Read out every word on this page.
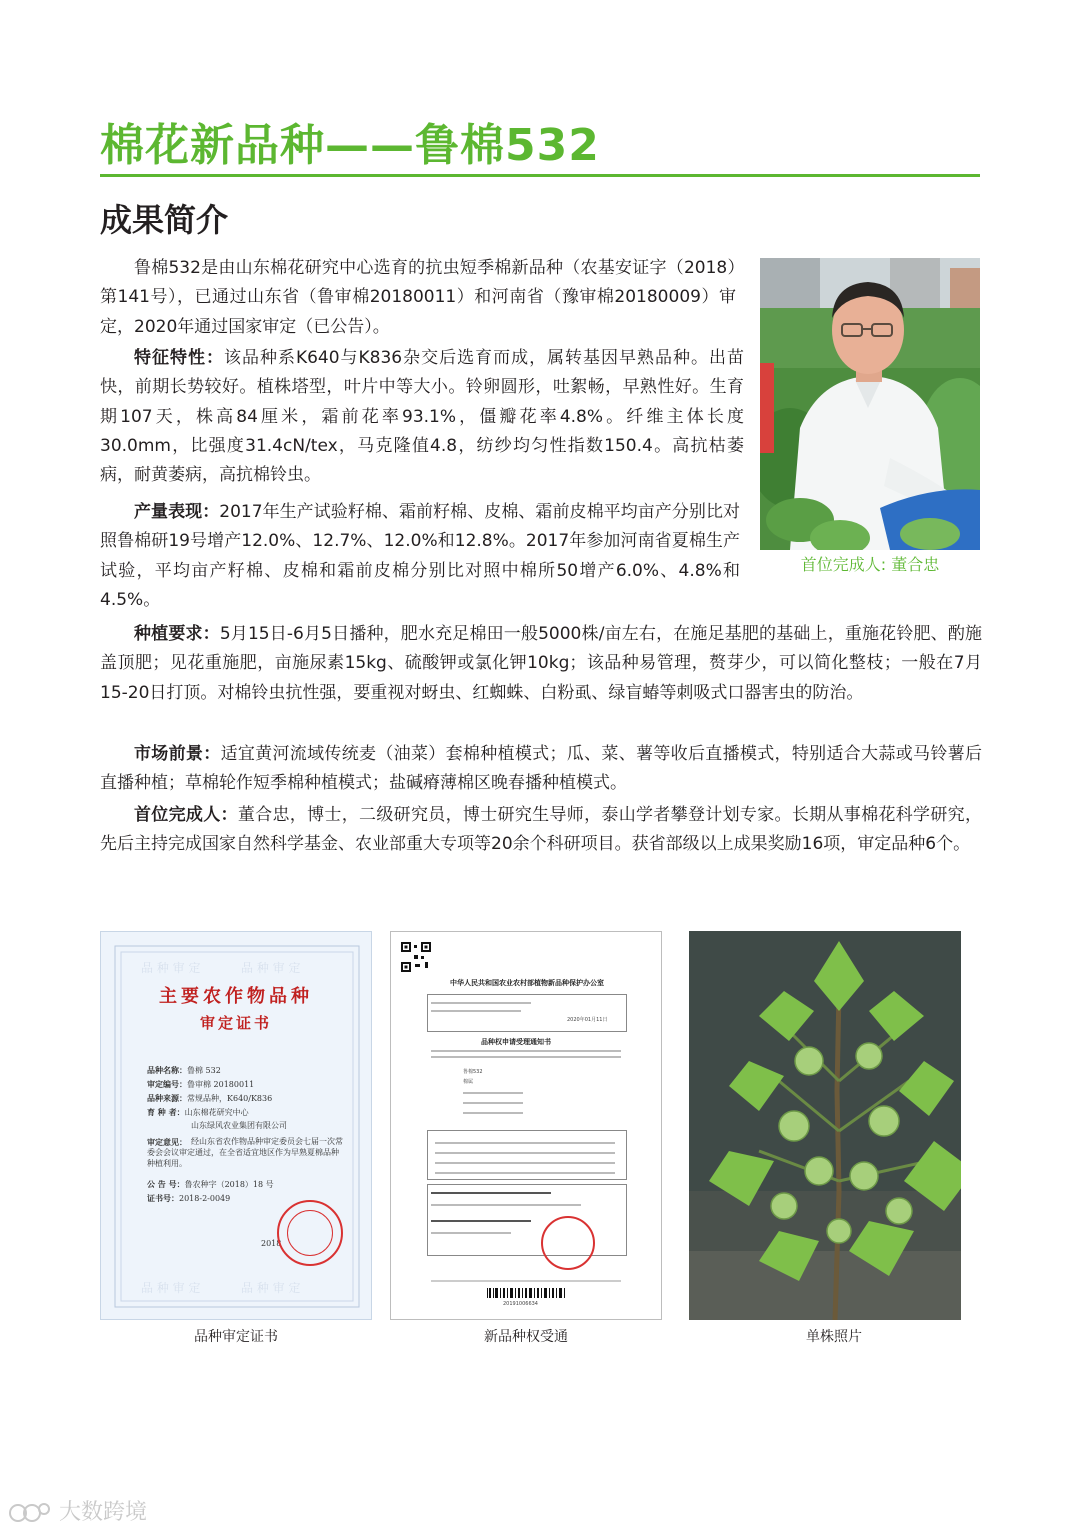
棉花新品种——鲁棉532
成果简介

鲁棉532是由山东棉花研究中心选育的抗虫短季棉新品种（农基安证字（2018）第141号），已通过山东省（鲁审棉20180011）和河南省（豫审棉20180009）审定，2020年通过国家审定（已公告）。

特征特性：该品种系K640与K836杂交后选育而成，属转基因早熟品种。出苗快，前期长势较好。植株塔型，叶片中等大小。铃卵圆形，吐絮畅，早熟性好。生育期107天，株高84厘米，霜前花率93.1%，僵瓣花率4.8%。纤维主体长度30.0mm，比强度31.4cN/tex，马克隆值4.8，纺纱均匀性指数150.4。高抗枯萎病，耐黄萎病，高抗棉铃虫。

产量表现：2017年生产试验籽棉、霜前籽棉、皮棉、霜前皮棉平均亩产分别比对照鲁棉研19号增产12.0%、12.7%、12.0%和12.8%。2017年参加河南省夏棉生产试验，平均亩产籽棉、皮棉和霜前皮棉分别比对照中棉所50增产6.0%、4.8%和4.5%。

种植要求：5月15日-6月5日播种，肥水充足棉田一般5000株/亩左右，在施足基肥的基础上，重施花铃肥、酌施盖顶肥；见花重施肥，亩施尿素15kg、硫酸钾或氯化钾10kg；该品种易管理，赘芽少，可以简化整枝；一般在7月15-20日打顶。对棉铃虫抗性强，要重视对蚜虫、红蜘蛛、白粉虱、绿盲蝽等刺吸式口器害虫的防治。

市场前景：适宜黄河流域传统麦（油菜）套棉种植模式；瓜、菜、薯等收后直播模式，特别适合大蒜或马铃薯后直播种植；草棉轮作短季棉种植模式；盐碱瘠薄棉区晚春播种植模式。

首位完成人：董合忠，博士，二级研究员，博士研究生导师，泰山学者攀登计划专家。长期从事棉花科学研究，先后主持完成国家自然科学基金、农业部重大专项等20余个科研项目。获省部级以上成果奖励16项，审定品种6个。

首位完成人: 董合忠
品 种 审 定	品 种 审 定
品 种 审 定	品 种 审 定
主要农作物品种
审定证书
品种名称：鲁棉 532
审定编号：鲁审棉 20180011
品种来源：常规品种，K640/K836
育 种 者：山东棉花研究中心
山东绿风农业集团有限公司
审定意见： 经山东省农作物品种审定委员会七届一次常委会会议审定通过，在全省适宜地区作为早熟夏棉品种种植利用。
公 告 号：鲁农种字（2018）18 号
证书号：2018-2-0049
2018
品种审定证书
中华人民共和国农业农村部植物新品种保护办公室
2020年01月11日
品种权申请受理通知书
鲁棉532
棉属
20191006634
新品种权受通	单株照片
大数跨境
